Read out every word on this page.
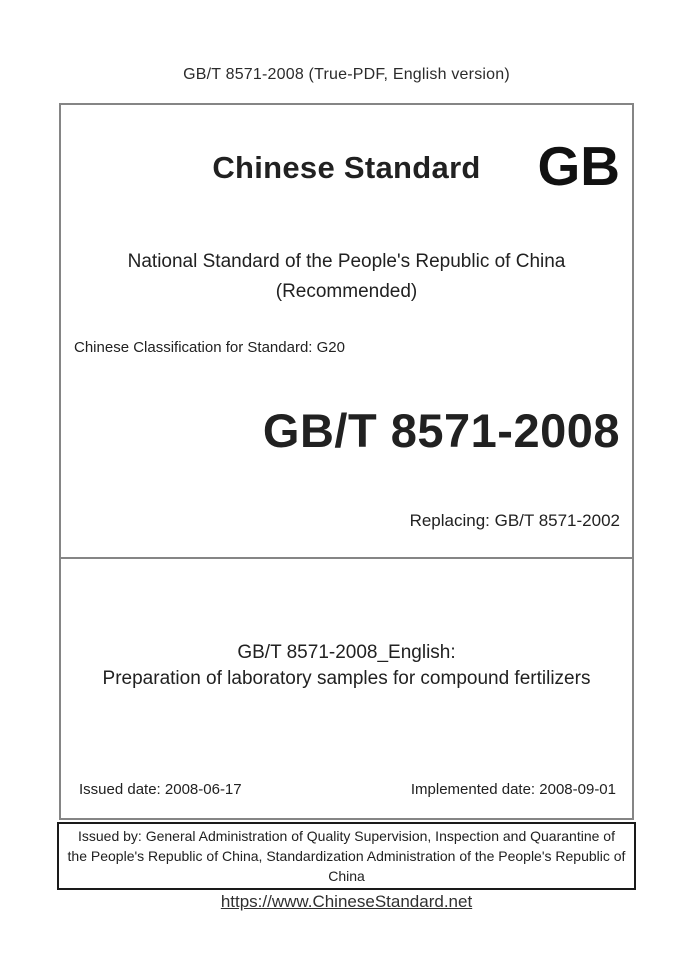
GB/T 8571-2008 (True-PDF, English version)
Chinese Standard	GB
National Standard of the People's Republic of China
(Recommended)
Chinese Classification for Standard: G20
GB/T 8571-2008
Replacing: GB/T 8571-2002
GB/T 8571-2008_English:
Preparation of laboratory samples for compound fertilizers
Issued date: 2008-06-17	Implemented date: 2008-09-01
Issued by: General Administration of Quality Supervision, Inspection and Quarantine of
the People's Republic of China, Standardization Administration of the People's Republic of
China
https://www.ChineseStandard.net
